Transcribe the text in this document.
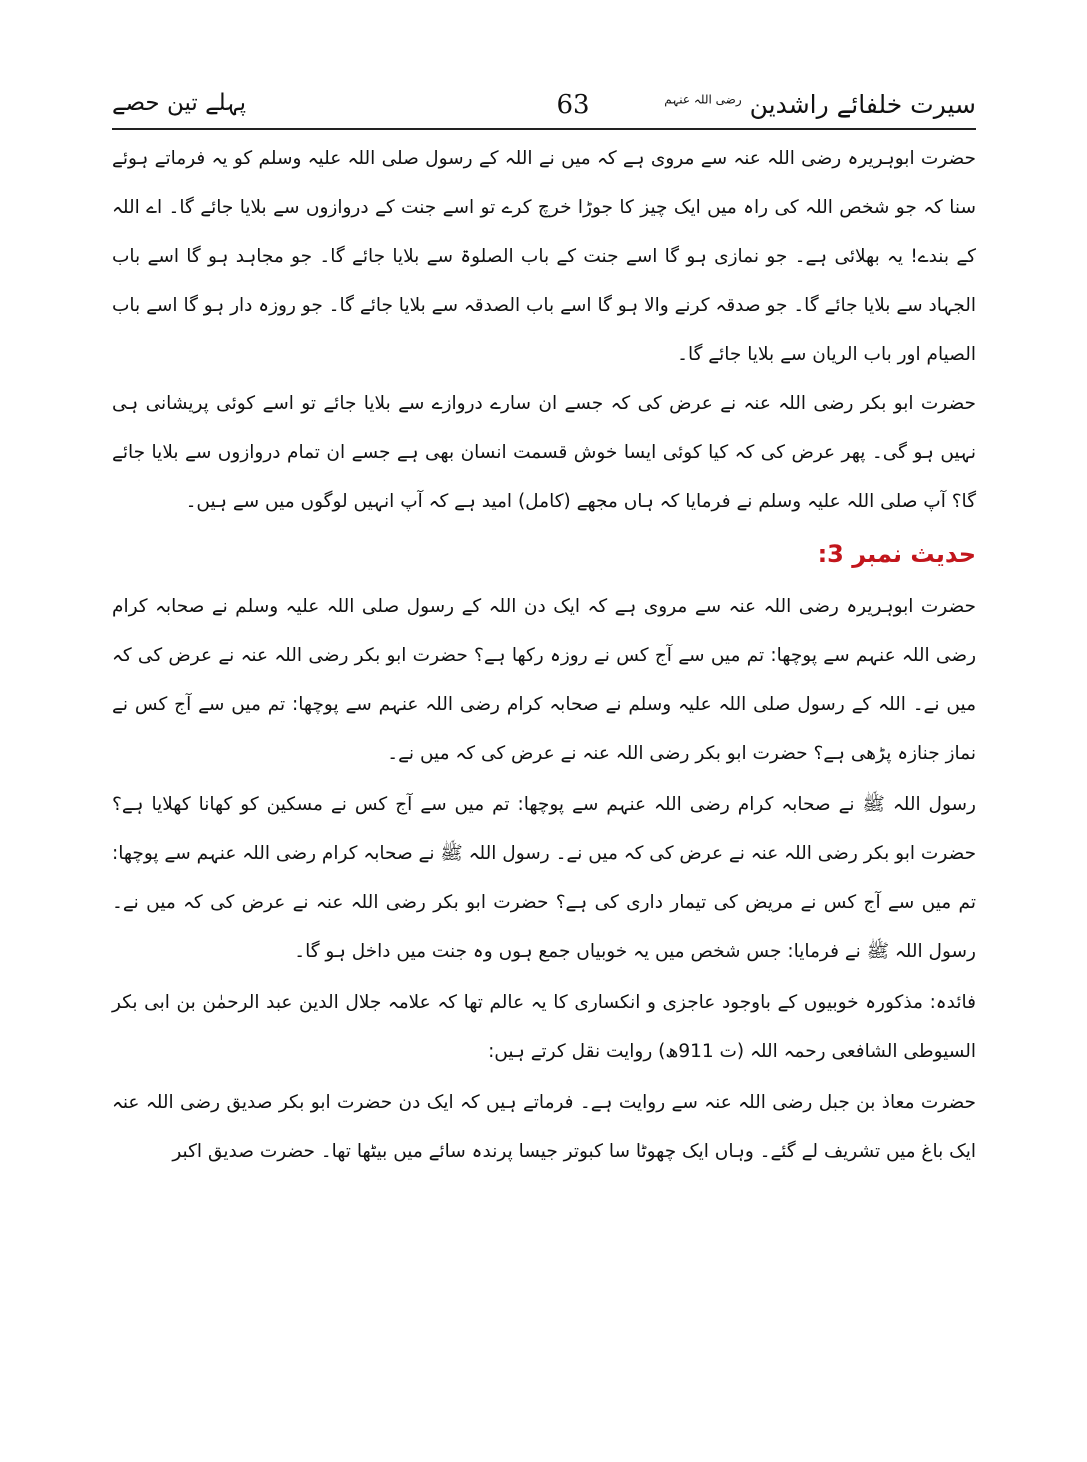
سیرت خلفائے راشدین $^{رضی اللہ عنہم}$
63
پہلے تین حصے

حضرت ابوہریرہ رضی اللہ عنہ سے مروی ہے کہ میں نے اللہ کے رسول صلی اللہ علیہ وسلم کو یہ فرماتے ہوئے سنا کہ جو شخص اللہ کی راہ میں ایک چیز کا جوڑا خرچ کرے تو اسے جنت کے دروازوں سے بلایا جائے گا۔ اے اللہ کے بندے! یہ بھلائی ہے۔ جو نمازی ہو گا اسے جنت کے باب الصلوۃ سے بلایا جائے گا۔ جو مجاہد ہو گا اسے باب الجہاد سے بلایا جائے گا۔ جو صدقہ کرنے والا ہو گا اسے باب الصدقہ سے بلایا جائے گا۔ جو روزہ دار ہو گا اسے باب الصیام اور باب الریان سے بلایا جائے گا۔

حضرت ابو بکر رضی اللہ عنہ نے عرض کی کہ جسے ان سارے دروازے سے بلایا جائے تو اسے کوئی پریشانی ہی نہیں ہو گی۔ پھر عرض کی کہ کیا کوئی ایسا خوش قسمت انسان بھی ہے جسے ان تمام دروازوں سے بلایا جائے گا؟ آپ صلی اللہ علیہ وسلم نے فرمایا کہ ہاں مجھے (کامل) امید ہے کہ آپ انہیں لوگوں میں سے ہیں۔

حدیث نمبر 3:

حضرت ابوہریرہ رضی اللہ عنہ سے مروی ہے کہ ایک دن اللہ کے رسول صلی اللہ علیہ وسلم نے صحابہ کرام رضی اللہ عنہم سے پوچھا: تم میں سے آج کس نے روزہ رکھا ہے؟ حضرت ابو بکر رضی اللہ عنہ نے عرض کی کہ میں نے۔ اللہ کے رسول صلی اللہ علیہ وسلم نے صحابہ کرام رضی اللہ عنہم سے پوچھا: تم میں سے آج کس نے نماز جنازہ پڑھی ہے؟ حضرت ابو بکر رضی اللہ عنہ نے عرض کی کہ میں نے۔

رسول اللہ ﷺ نے صحابہ کرام رضی اللہ عنہم سے پوچھا: تم میں سے آج کس نے مسکین کو کھانا کھلایا ہے؟ حضرت ابو بکر رضی اللہ عنہ نے عرض کی کہ میں نے۔ رسول اللہ ﷺ نے صحابہ کرام رضی اللہ عنہم سے پوچھا: تم میں سے آج کس نے مریض کی تیمار داری کی ہے؟ حضرت ابو بکر رضی اللہ عنہ نے عرض کی کہ میں نے۔ رسول اللہ ﷺ نے فرمایا: جس شخص میں یہ خوبیاں جمع ہوں وہ جنت میں داخل ہو گا۔

فائدہ: مذکورہ خوبیوں کے باوجود عاجزی و انکساری کا یہ عالم تھا کہ علامہ جلال الدین عبد الرحمٰن بن ابی بکر السیوطی الشافعی رحمہ اللہ (ت 911ھ) روایت نقل کرتے ہیں:

حضرت معاذ بن جبل رضی اللہ عنہ سے روایت ہے۔ فرماتے ہیں کہ ایک دن حضرت ابو بکر صدیق رضی اللہ عنہ ایک باغ میں تشریف لے گئے۔ وہاں ایک چھوٹا سا کبوتر جیسا پرندہ سائے میں بیٹھا تھا۔ حضرت صدیق اکبر
